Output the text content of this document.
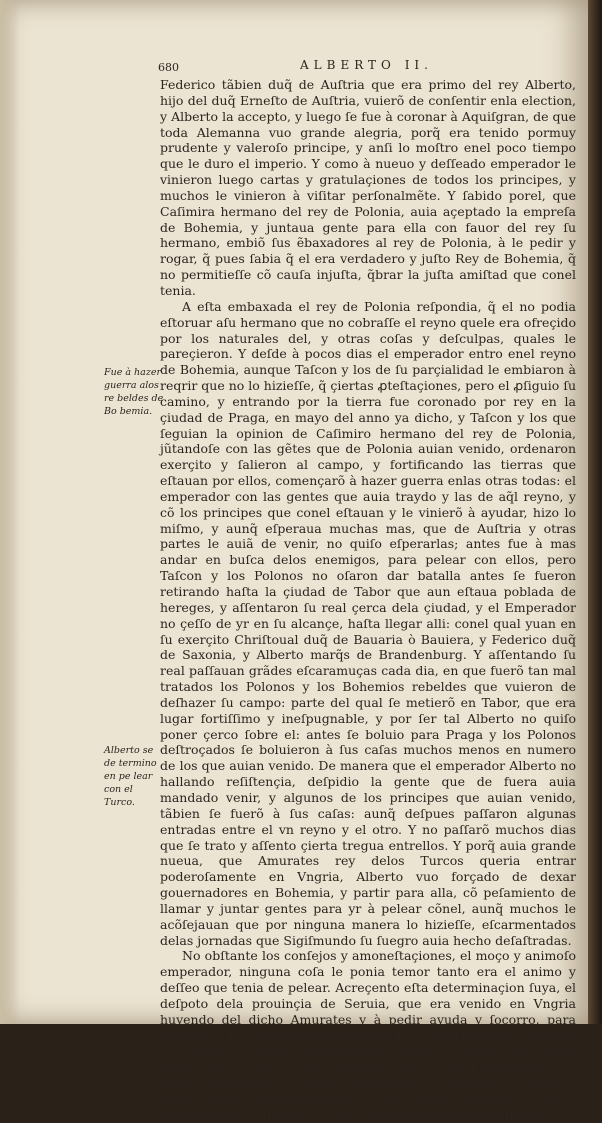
680	ALBERTO II.
Fue à hazer guerra alos re beldes de Bo bemia.
Alberto se de termino en pe lear con el Turco.

Federico tãbien duq̃ de Auſtria que era primo del rey Alberto, hijo del duq̃ Erneſto de Auſtria, vuierõ de conſentir enla election, y Alberto la accepto, y luego ſe fue à coronar à Aquiſgran, de que toda Alemanna vuo grande alegria, porq̃ era tenido pormuy prudente y valeroſo principe, y anſi lo moſtro enel poco tiempo que le duro el imperio. Y como à nueuo y deſſeado emperador le vinieron luego cartas y gratulaçiones de todos los principes, y muchos le vinieron à viſitar perſonalmẽte. Y ſabido porel, que Caſimira hermano del rey de Polonia, auia açeptado la empreſa de Bohemia, y juntaua gente para ella con fauor del rey ſu hermano, embiõ ſus ẽbaxadores al rey de Polonia, à le pedir y rogar, q̃ pues ſabia q̃ el era verdadero y juſto Rey de Bohemia, q̃ no permitieſſe cõ cauſa injuſta, q̃brar la juſta amiſtad que conel tenia.

A eſta embaxada el rey de Polonia reſpondia, q̃ el no podia eſtoruar aſu hermano que no cobraſſe el reyno quele era ofreçido por los naturales del, y otras coſas y deſculpas, quales le pareçieron. Y deſde à pocos dias el emperador entro enel reyno de Bohemia, aunque Taſcon y los de ſu parçialidad le embiaron à reqrir que no lo hizieſſe, q̃ çiertas ꝓteſtaçiones, pero el ꝓſiguio ſu camino, y entrando por la tierra fue coronado por rey en la çiudad de Praga, en mayo del anno ya dicho, y Taſcon y los que ſeguian la opinion de Caſimiro hermano del rey de Polonia, jũtandoſe con las gẽtes que de Polonia auian venido, ordenaron exerçito y ſalieron al campo, y fortificando las tierras que eſtauan por ellos, començarõ à hazer guerra enlas otras todas: el emperador con las gentes que auia traydo y las de aq̃l reyno, y cõ los principes que conel eſtauan y le vinierõ à ayudar, hizo lo miſmo, y aunq̃ eſperaua muchas mas, que de Auſtria y otras partes le auiã de venir, no quiſo eſperarlas; antes fue à mas andar en buſca delos enemigos, para pelear con ellos, pero Taſcon y los Polonos no oſaron dar batalla antes ſe fueron retirando haſta la çiudad de Tabor que aun eſtaua poblada de hereges, y aſſentaron ſu real çerca dela çiudad, y el Emperador no çeſſo de yr en ſu alcançe, haſta llegar alli: conel qual yuan en ſu exerçito Chriſtoual duq̃ de Bauaria ò Bauiera, y Federico duq̃ de Saxonia, y Alberto marq̃s de Brandenburg. Y aſſentando ſu real paſſauan grãdes eſcaramuças cada dia, en que fuerõ tan mal tratados los Polonos y los Bohemios rebeldes que vuieron de deſhazer ſu campo: parte del qual ſe metierõ en Tabor, que era lugar fortiſſimo y ineſpugnable, y por ſer tal Alberto no quiſo poner çerco ſobre el: antes ſe boluio para Praga y los Polonos deſtroçados ſe boluieron à ſus caſas muchos menos en numero de los que auian venido. De manera que el emperador Alberto no hallando reſiſtençia, deſpidio la gente que de fuera auia mandado venir, y algunos de los principes que auian venido, tãbien ſe fuerõ à ſus caſas: aunq̃ deſpues paſſaron algunas entradas entre el vn reyno y el otro. Y no paſſarõ muchos dias que ſe trato y aſſento çierta tregua entrellos. Y porq̃ auia grande nueua, que Amurates rey delos Turcos queria entrar poderoſamente en Vngria, Alberto vuo forçado de dexar gouernadores en Bohemia, y partir para alla, cõ peſamiento de llamar y juntar gentes para yr à pelear cõnel, aunq̃ muchos le acõſejauan que por ninguna manera lo hizieſſe, eſcarmentados delas jornadas que Sigiſmundo ſu ſuegro auia hecho deſaſtradas.

No obſtante los conſejos y amoneſtaçiones, el moço y animoſo emperador, ninguna coſa le ponia temor tanto era el animo y deſſeo que tenia de pelear. Acreçento eſta determinaçion ſuya, el deſpoto dela prouinçia de Seruia, que era venido en Vngria huyendo del dicho Amurates y à pedir ayuda y ſocorro, para ſocorrer a la çiudad de Sinderouia que es ẽla ribera del Danubio y à ſu hijo que dẽtro enella quedaua, ſobre la qual el Turco tenia pueſto ſitio y çerco muy apretado. Por lo qual el empador ſe acabo de reſoluer y congrẽ determinaçion començo à llamar y juntar gentes, para ſu jornada: y eſto era ya enel anno de mil y quatroçientos y treynta y nueue. Enel qual tiempo la diſcordia
